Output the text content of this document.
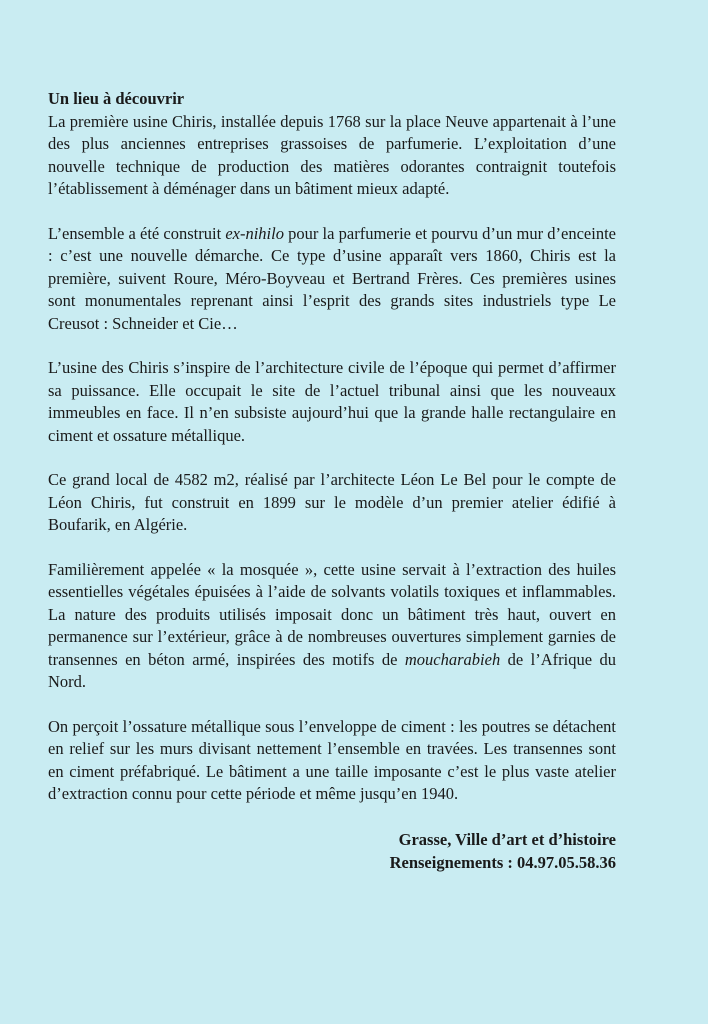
Un lieu à découvrir

La première usine Chiris, installée depuis 1768 sur la place Neuve appartenait à l’une des plus anciennes entreprises grassoises de parfumerie. L’exploitation d’une nouvelle technique de production des matières odorantes contraignit toutefois l’établissement à déménager dans un bâtiment mieux adapté.

L’ensemble a été construit ex-nihilo pour la parfumerie et pourvu d’un mur d’enceinte : c’est une nouvelle démarche. Ce type d’usine apparaît vers 1860, Chiris est la première, suivent Roure, Méro-Boyveau et Bertrand Frères. Ces premières usines sont monumentales reprenant ainsi l’esprit des grands sites industriels type Le Creusot : Schneider et Cie…

L’usine des Chiris s’inspire de l’architecture civile de l’époque qui permet d’affirmer sa puissance. Elle occupait le site de l’actuel tribunal ainsi que les nouveaux immeubles en face. Il n’en subsiste aujourd’hui que la grande halle rectangulaire en ciment et ossature métallique.

Ce grand local de 4582 m2, réalisé par l’architecte Léon Le Bel pour le compte de Léon Chiris, fut construit en 1899 sur le modèle d’un premier atelier édifié à Boufarik, en Algérie.

Familièrement appelée « la mosquée », cette usine servait à l’extraction des huiles essentielles végétales épuisées à l’aide de solvants volatils toxiques et inflammables. La nature des produits utilisés imposait donc un bâtiment très haut, ouvert en permanence sur l’extérieur, grâce à de nombreuses ouvertures simplement garnies de transennes en béton armé, inspirées des motifs de moucharabieh de l’Afrique du Nord.

On perçoit l’ossature métallique sous l’enveloppe de ciment : les poutres se détachent en relief sur les murs divisant nettement l’ensemble en travées. Les transennes sont en ciment préfabriqué. Le bâtiment a une taille imposante c’est le plus vaste atelier d’extraction connu pour cette période et même jusqu’en 1940.

Grasse, Ville d’art et d’histoire
Renseignements : 04.97.05.58.36
